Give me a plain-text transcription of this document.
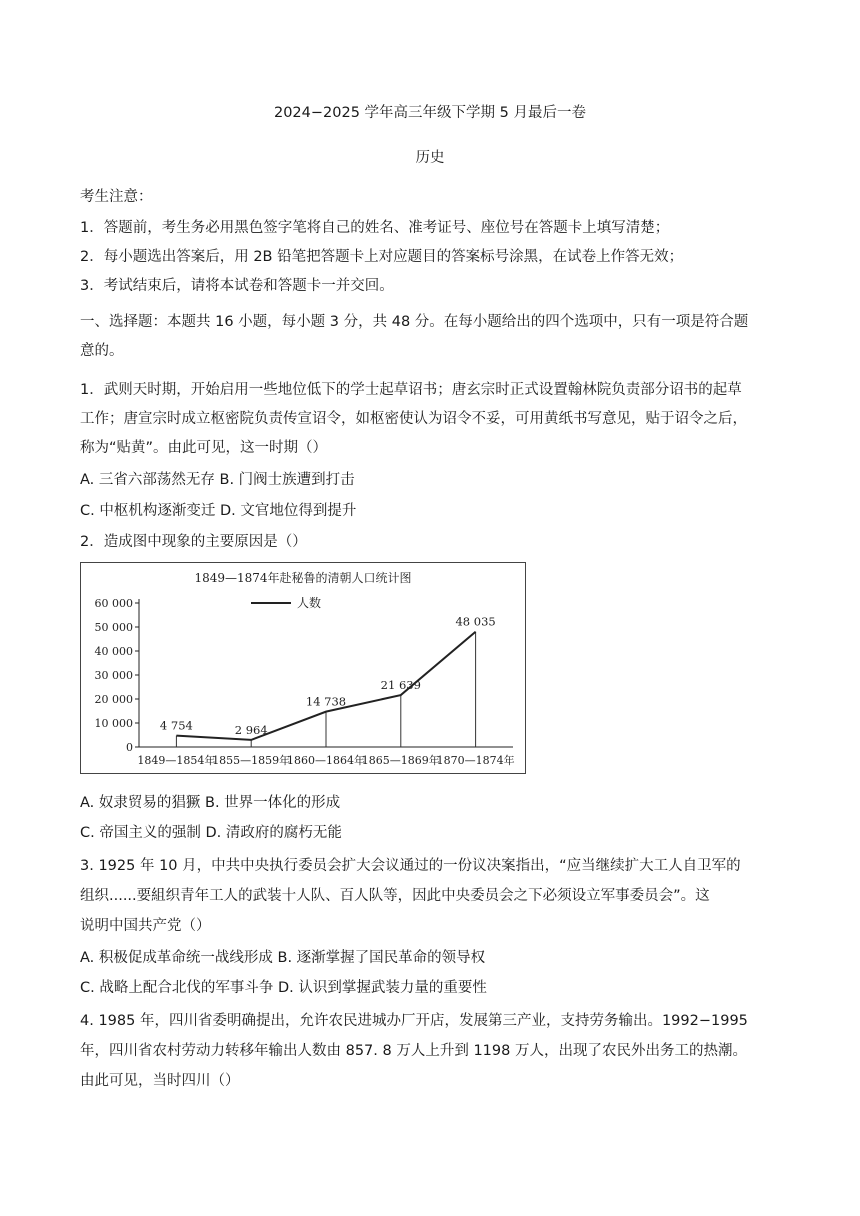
2024−2025 学年高三年级下学期 5 月最后一卷
历史
考生注意：
1．答题前，考生务必用黑色签字笔将自己的姓名、准考证号、座位号在答题卡上填写清楚；
2．每小题选出答案后，用 2B 铅笔把答题卡上对应题目的答案标号涂黑，在试卷上作答无效；
3．考试结束后，请将本试卷和答题卡一并交回。
一、选择题：本题共 16 小题，每小题 3 分，共 48 分。在每小题给出的四个选项中，只有一项是符合题
意的。
1．武则天时期，开始启用一些地位低下的学士起草诏书；唐玄宗时正式设置翰林院负责部分诏书的起草
工作；唐宣宗时成立枢密院负责传宣诏令，如枢密使认为诏令不妥，可用黄纸书写意见，贴于诏令之后，
称为“贴黄”。由此可见，这一时期（）
A. 三省六部荡然无存 B. 门阀士族遭到打击
C. 中枢机构逐渐变迁 D. 文官地位得到提升
2．造成图中现象的主要原因是（）
1849—1874年赴秘鲁的清朝人口统计图
人数
60 000
50 000
40 000
30 000
20 000
10 000
0
1849—1854年
1855—1859年
1860—1864年
1865—1869年
1870—1874年
4 754	2 964
14 738
21 639
48 035
A. 奴隶贸易的猖獗 B. 世界一体化的形成
C. 帝国主义的强制 D. 清政府的腐朽无能
3. 1925 年 10 月，中共中央执行委员会扩大会议通过的一份议决案指出，“应当继续扩大工人自卫军的
组织......要組织青年工人的武装十人队、百人队等，因此中央委员会之下必须设立军事委员会”。这
说明中国共产党（）
A. 积极促成革命统一战线形成 B. 逐渐掌握了国民革命的领导权
C. 战略上配合北伐的军事斗争 D. 认识到掌握武装力量的重要性
4. 1985 年，四川省委明确提出，允许农民进城办厂开店，发展第三产业，支持劳务输出。1992−1995
年，四川省农村劳动力转移年输出人数由 857. 8 万人上升到 1198 万人，出现了农民外出务工的热潮。
由此可见，当时四川（）
